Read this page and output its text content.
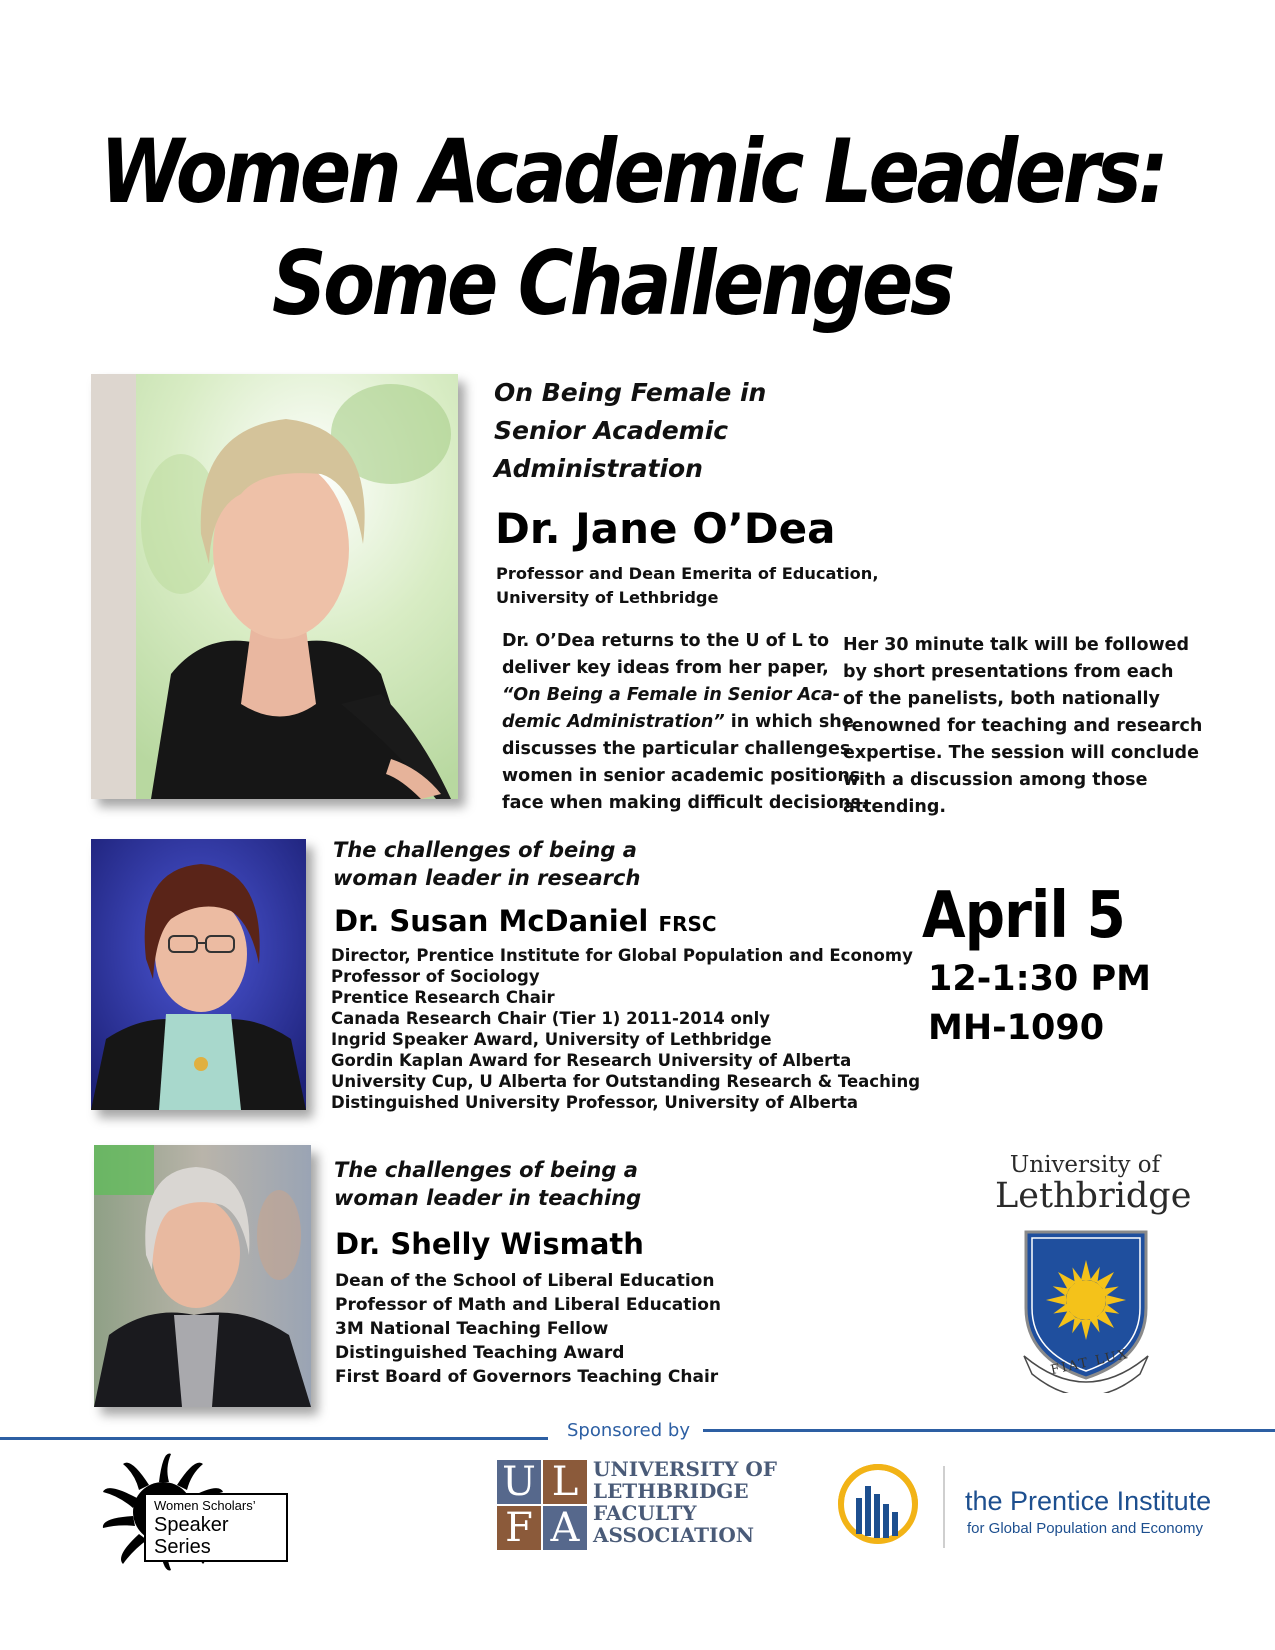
Women Academic Leaders:
Some Challenges
On Being Female in
Senior Academic
Administration
Dr. Jane O’Dea
Professor and Dean Emerita of Education,
University of Lethbridge
Dr. O’Dea returns to the U of L to
deliver key ideas from her paper,
“On Being a Female in Senior Aca-
demic Administration” in which she
discusses the particular challenges
women in senior academic positions
face when making difficult decisions.
Her 30 minute talk will be followed
by short presentations from each
of the panelists, both nationally
renowned for teaching and research
expertise. The session will conclude
with a discussion among those
attending.
The challenges of being a
woman leader in research
Dr. Susan McDaniel FRSC
Director, Prentice Institute for Global Population and Economy
Professor of Sociology
Prentice Research Chair
Canada Research Chair (Tier 1) 2011-2014 only
Ingrid Speaker Award, University of Lethbridge
Gordin Kaplan Award for Research University of Alberta
University Cup, U Alberta for Outstanding Research & Teaching
Distinguished University Professor, University of Alberta
April 5
12-1:30 PM
MH-1090
The challenges of being a
woman leader in teaching
Dr. Shelly Wismath
Dean of the School of Liberal Education
Professor of Math and Liberal Education
3M National Teaching Fellow
Distinguished Teaching Award
First Board of Governors Teaching Chair
University of
Lethbridge
FIAT LUX
Sponsored by
Women Scholars’
Speaker Series
U L
F A
UNIVERSITY OF
LETHBRIDGE
FACULTY
ASSOCIATION
the Prentice Institute
for Global Population and Economy
